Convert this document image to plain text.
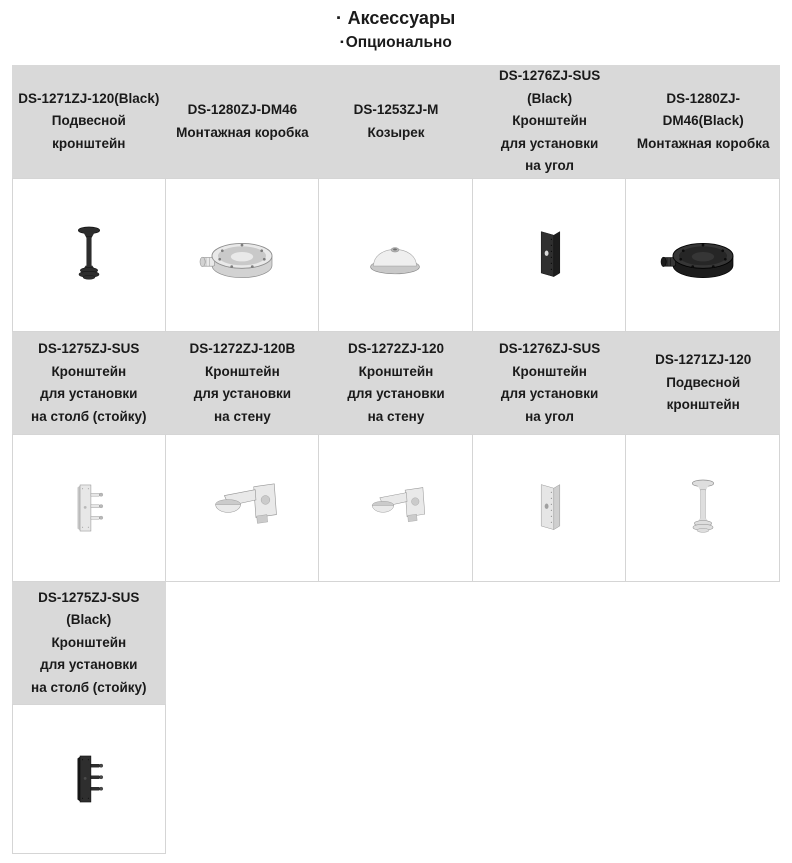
▪ Аксессуары
▪ Опционально
DS-1271ZJ-120(Black)
Подвесной
кронштейн
DS-1280ZJ-DM46
Монтажная коробка
DS-1253ZJ-M
Козырек
DS-1276ZJ-SUS
(Black)
Кронштейн
для установки
на угол
DS-1280ZJ-
DM46(Black)
Монтажная коробка
DS-1275ZJ-SUS
Кронштейн
для установки
на столб (стойку)
DS-1272ZJ-120B
Кронштейн
для установки
на стену
DS-1272ZJ-120
Кронштейн
для установки
на стену
DS-1276ZJ-SUS
Кронштейн
для установки
на угол
DS-1271ZJ-120
Подвесной
кронштейн
DS-1275ZJ-SUS
(Black)
Кронштейн
для установки
на столб (стойку)
